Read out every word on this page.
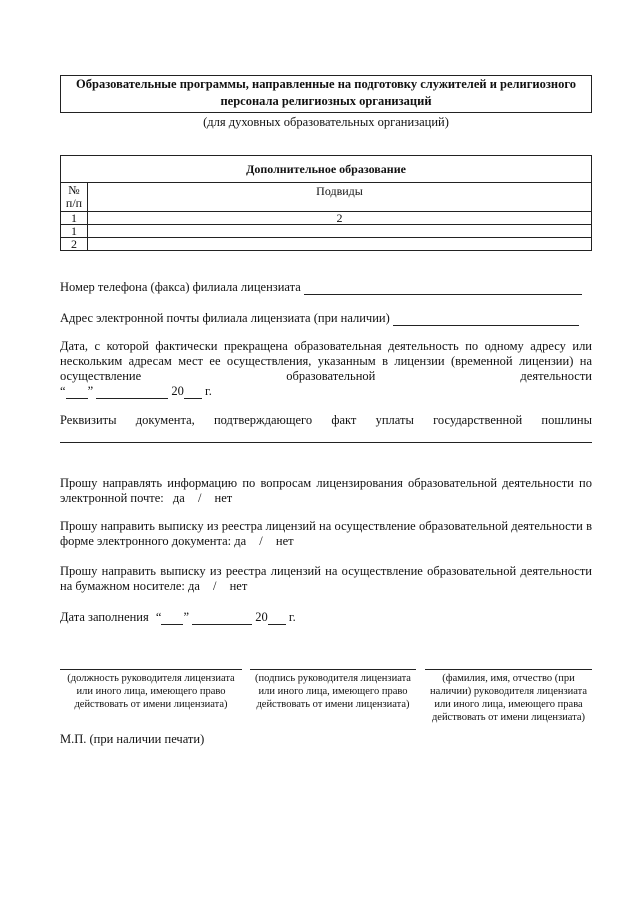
Образовательные программы, направленные на подготовку служителей и религиозного персонала религиозных организаций
(для духовных образовательных организаций)
Дополнительное образование	
№ п/п	Подвиды
1	2
1	
2	
Номер телефона (факса) филиала лицензиата
Адрес электронной почты филиала лицензиата (при наличии)
Дата, с которой фактически прекращена образовательная деятельность по одному адресу или нескольким адресам мест ее осуществления, указанным в лицензии (временной лицензии) на осуществление образовательной деятельности
“ ”	20 г.
Реквизиты документа, подтверждающего факт уплаты государственной пошлины
Прошу направлять информацию по вопросам лицензирования образовательной деятельности по электронной почте: да / нет
Прошу направить выписку из реестра лицензий на осуществление образовательной деятельности в форме электронного документа: да / нет
Прошу направить выписку из реестра лицензий на осуществление образовательной деятельности на бумажном носителе: да / нет
Дата заполнения “ ”	20 г.
(должность руководителя лицензиата или иного лица, имеющего право действовать от имени лицензиата)
(подпись руководителя лицензиата или иного лица, имеющего право действовать от имени лицензиата)
(фамилия, имя, отчество (при наличии) руководителя лицензиата или иного лица, имеющего права действовать от имени лицензиата)
М.П. (при наличии печати)
